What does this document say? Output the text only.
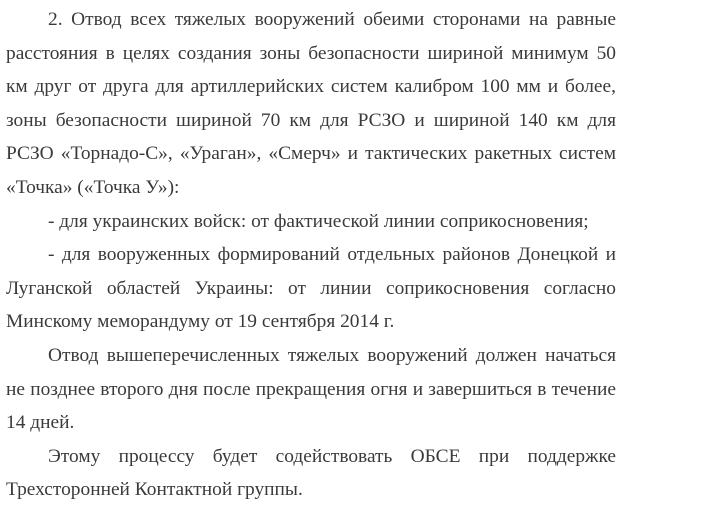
2. Отвод всех тяжелых вооружений обеими сторонами на равные расстояния в целях создания зоны безопасности шириной минимум 50 км друг от друга для артиллерийских систем калибром 100 мм и более, зоны безопасности шириной 70 км для РСЗО и шириной 140 км для РСЗО «Торнадо-С», «Ураган», «Смерч» и тактических ракетных систем «Точка» («Точка У»):

- для украинских войск: от фактической линии соприкосновения;

- для вооруженных формирований отдельных районов Донецкой и Луганской областей Украины: от линии соприкосновения согласно Минскому меморандуму от 19 сентября 2014 г.

Отвод вышеперечисленных тяжелых вооружений должен начаться не позднее второго дня после прекращения огня и завершиться в течение 14 дней.

Этому процессу будет содействовать ОБСЕ при поддержке Трехсторонней Контактной группы.
